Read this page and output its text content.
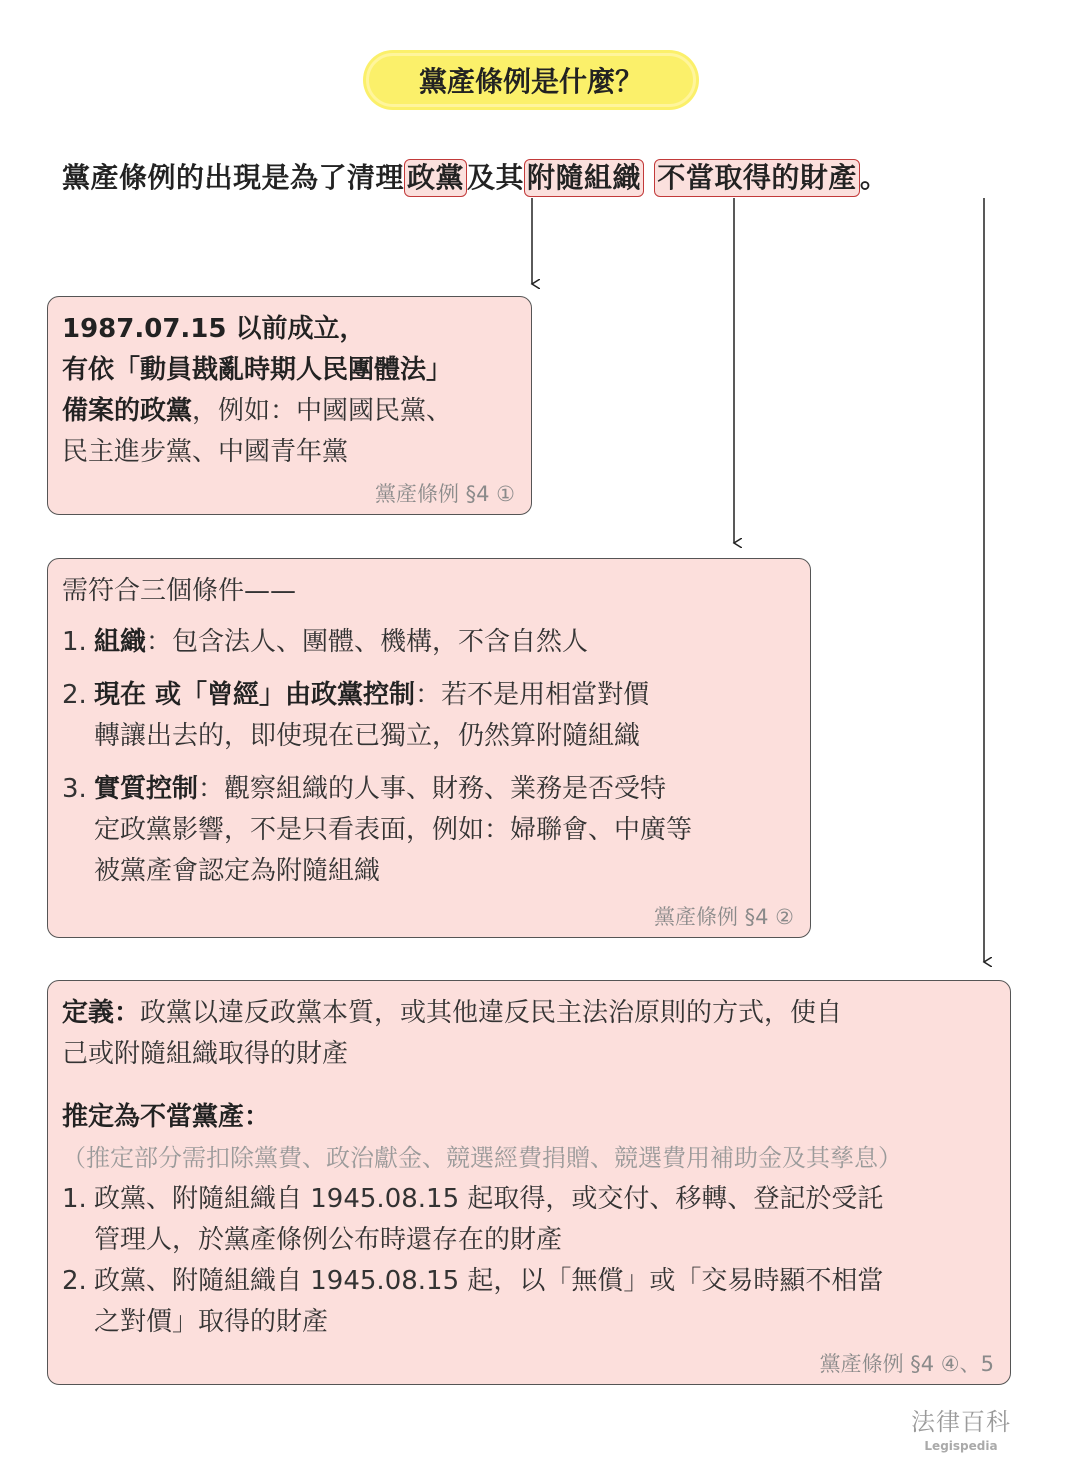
黨產條例是什麼？
黨產條例的出現是為了清理 政黨 及其 附隨組織 不當取得的財產 。
1987.07.15 以前成立，
有依「動員戡亂時期人民團體法」
備案的政黨，例如：中國國民黨、
民主進步黨、中國青年黨
黨產條例 §4 ①
需符合三個條件——
1. 組織：包含法人、團體、機構，不含自然人
2. 現在 或「曾經」由政黨控制：若不是用相當對價
轉讓出去的，即使現在已獨立，仍然算附隨組織
3. 實質控制：觀察組織的人事、財務、業務是否受特
定政黨影響，不是只看表面，例如：婦聯會、中廣等
被黨產會認定為附隨組織
黨產條例 §4 ②
定義：政黨以違反政黨本質，或其他違反民主法治原則的方式，使自
己或附隨組織取得的財產
推定為不當黨產：
（推定部分需扣除黨費、政治獻金、競選經費捐贈、競選費用補助金及其孳息）
1. 政黨、附隨組織自 1945.08.15 起取得，或交付、移轉、登記於受託
管理人，於黨產條例公布時還存在的財產
2. 政黨、附隨組織自 1945.08.15 起，以「無償」或「交易時顯不相當
之對價」取得的財產
黨產條例 §4 ④、5
法律百科
Legispedia
